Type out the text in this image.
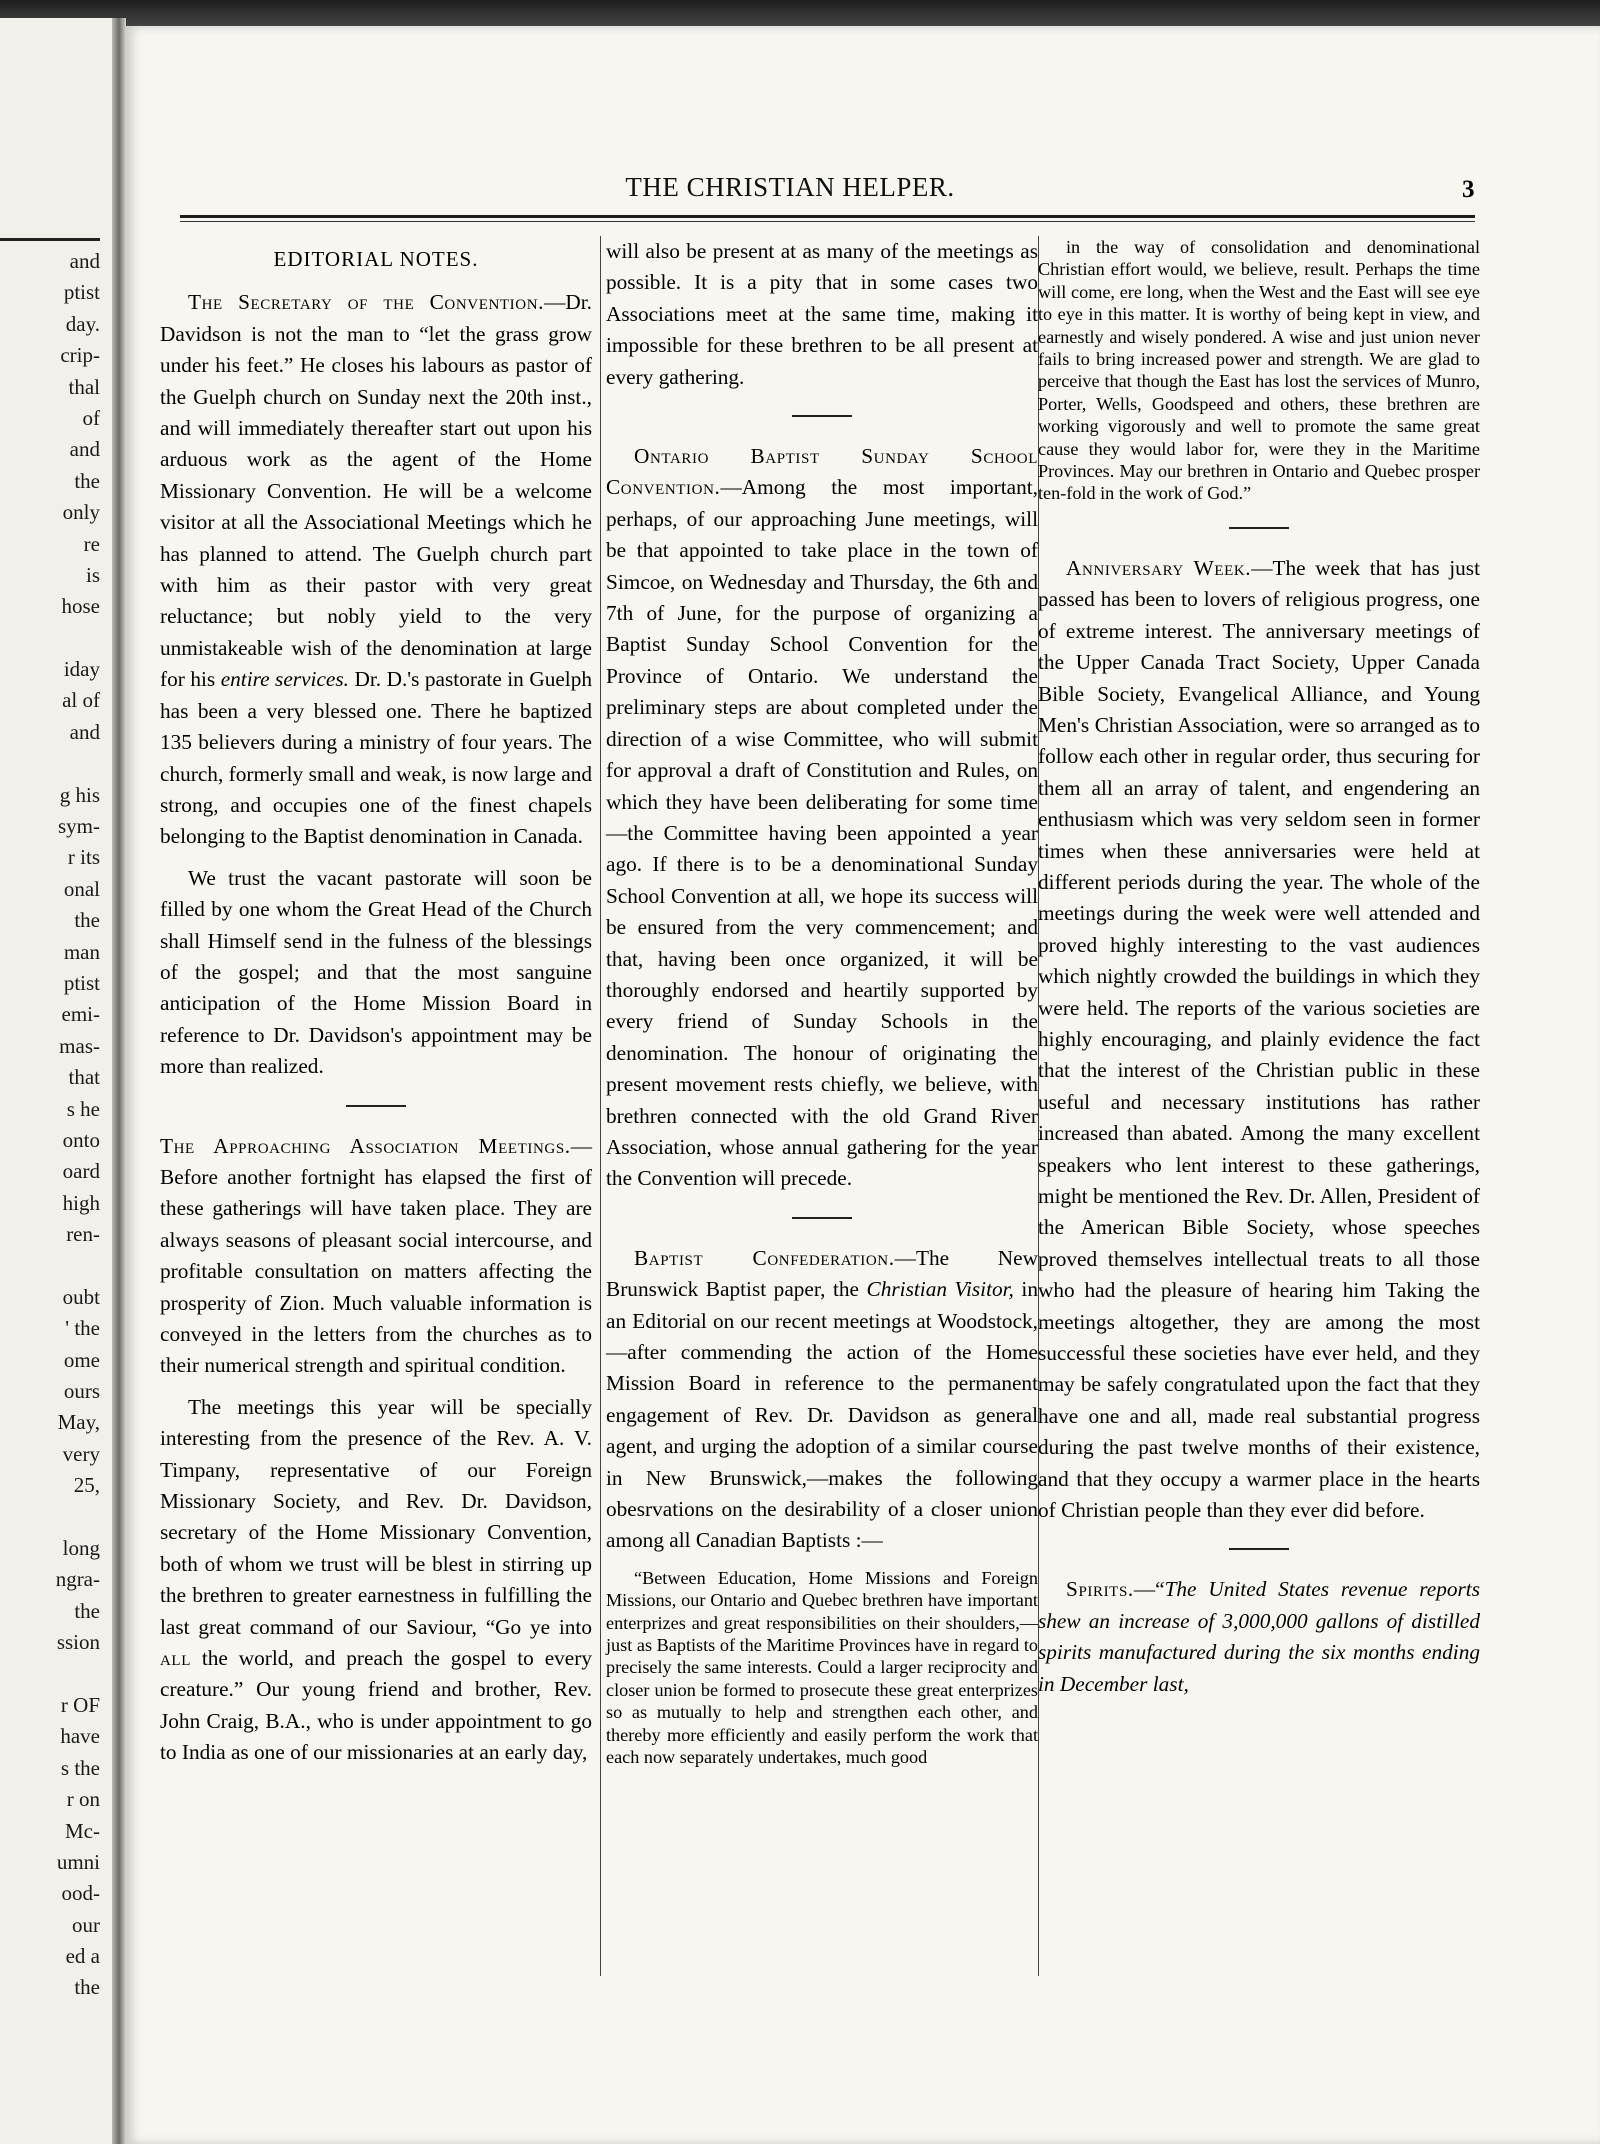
and
ptist
day.
crip-
thal
of
and
the
only
re
is
hose
iday
al of
and
g his
sym-
r its
onal
the
man
ptist
emi-
mas-
that
s he
onto
oard
high
ren-
oubt
' the
ome
ours
May,
very
25,
long
ngra-
the
ssion
r OF
have
s the
r on
Mc-
umni
ood-
our
ed a
the
THE CHRISTIAN HELPER.	3
EDITORIAL NOTES.

The Secretary of the Convention.—Dr. Davidson is not the man to “let the grass grow under his feet.” He closes his labours as pastor of the Guelph church on Sunday next the 20th inst., and will immediately thereafter start out upon his arduous work as the agent of the Home Missionary Convention. He will be a welcome visitor at all the Associational Meetings which he has planned to attend. The Guelph church part with him as their pastor with very great reluctance; but nobly yield to the very unmistakeable wish of the denomination at large for his entire services. Dr. D.'s pastorate in Guelph has been a very blessed one. There he baptized 135 believers during a ministry of four years. The church, formerly small and weak, is now large and strong, and occupies one of the finest chapels belonging to the Baptist denomination in Canada.

We trust the vacant pastorate will soon be filled by one whom the Great Head of the Church shall Himself send in the fulness of the blessings of the gospel; and that the most sanguine anticipation of the Home Mission Board in reference to Dr. Davidson's appointment may be more than realized.

The Approaching Association Meetings.—Before another fortnight has elapsed the first of these gatherings will have taken place. They are always seasons of pleasant social intercourse, and profitable consultation on matters affecting the prosperity of Zion. Much valuable information is conveyed in the letters from the churches as to their numerical strength and spiritual condition.

The meetings this year will be specially interesting from the presence of the Rev. A. V. Timpany, representative of our Foreign Missionary Society, and Rev. Dr. Davidson, secretary of the Home Missionary Convention, both of whom we trust will be blest in stirring up the brethren to greater earnestness in fulfilling the last great command of our Saviour, “Go ye into all the world, and preach the gospel to every creature.” Our young friend and brother, Rev. John Craig, B.A., who is under appointment to go to India as one of our missionaries at an early day,

will also be present at as many of the meetings as possible. It is a pity that in some cases two Associations meet at the same time, making it impossible for these brethren to be all present at every gathering.

Ontario Baptist Sunday School Convention.—Among the most important, perhaps, of our approaching June meetings, will be that appointed to take place in the town of Simcoe, on Wednesday and Thursday, the 6th and 7th of June, for the purpose of organizing a Baptist Sunday School Convention for the Province of Ontario. We understand the preliminary steps are about completed under the direction of a wise Committee, who will submit for approval a draft of Constitution and Rules, on which they have been deliberating for some time—the Committee having been appointed a year ago. If there is to be a denominational Sunday School Convention at all, we hope its success will be ensured from the very commencement; and that, having been once organized, it will be thoroughly endorsed and heartily supported by every friend of Sunday Schools in the denomination. The honour of originating the present movement rests chiefly, we believe, with brethren connected with the old Grand River Association, whose annual gathering for the year the Convention will precede.

Baptist Confederation.—The New Brunswick Baptist paper, the Christian Visitor, in an Editorial on our recent meetings at Woodstock,—after commending the action of the Home Mission Board in reference to the permanent engagement of Rev. Dr. Davidson as general agent, and urging the adoption of a similar course in New Brunswick,—makes the following obesrvations on the desirability of a closer union among all Canadian Baptists :—

“Between Education, Home Missions and Foreign Missions, our Ontario and Quebec brethren have important enterprizes and great responsibilities on their shoulders,—just as Baptists of the Maritime Provinces have in regard to precisely the same interests. Could a larger reciprocity and closer union be formed to prosecute these great enterprizes so as mutually to help and strengthen each other, and thereby more efficiently and easily perform the work that each now separately undertakes, much good

in the way of consolidation and denominational Christian effort would, we believe, result. Perhaps the time will come, ere long, when the West and the East will see eye to eye in this matter. It is worthy of being kept in view, and earnestly and wisely pondered. A wise and just union never fails to bring increased power and strength. We are glad to perceive that though the East has lost the services of Munro, Porter, Wells, Goodspeed and others, these brethren are working vigorously and well to promote the same great cause they would labor for, were they in the Maritime Provinces. May our brethren in Ontario and Quebec prosper ten-fold in the work of God.”

Anniversary Week.—The week that has just passed has been to lovers of religious progress, one of extreme interest. The anniversary meetings of the Upper Canada Tract Society, Upper Canada Bible Society, Evangelical Alliance, and Young Men's Christian Association, were so arranged as to follow each other in regular order, thus securing for them all an array of talent, and engendering an enthusiasm which was very seldom seen in former times when these anniversaries were held at different periods during the year. The whole of the meetings during the week were well attended and proved highly interesting to the vast audiences which nightly crowded the buildings in which they were held. The reports of the various societies are highly encouraging, and plainly evidence the fact that the interest of the Christian public in these useful and necessary institutions has rather increased than abated. Among the many excellent speakers who lent interest to these gatherings, might be mentioned the Rev. Dr. Allen, President of the American Bible Society, whose speeches proved themselves intellectual treats to all those who had the pleasure of hearing him Taking the meetings altogether, they are among the most successful these societies have ever held, and they may be safely congratulated upon the fact that they have one and all, made real substantial progress during the past twelve months of their existence, and that they occupy a warmer place in the hearts of Christian people than they ever did before.

Spirits.—“The United States revenue reports shew an increase of 3,000,000 gallons of distilled spirits manufactured during the six months ending in December last,
